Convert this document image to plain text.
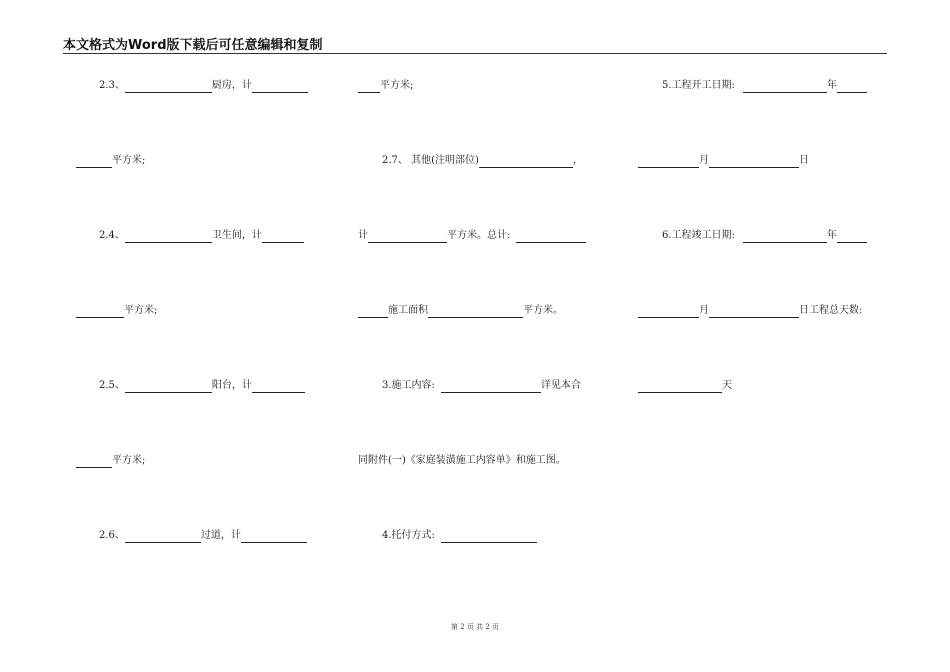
本文格式为Word版下载后可任意编辑和复制
2.3、	厨房，计
平方米;
2.4、	卫生间，计
平方米;
2.5、	阳台，计
平方米;
2.6、	过道，计
平方米;
2.7、 其他(注明部位)	，
计	平方米。总计:
施工面积	平方米。
3.施工内容:	详见本合
同附件(一)《家庭装潢施工内容单》和施工图。
4.托付方式:
5.工程开工日期:	年
月	日
6.工程竣工日期:	年
月	日工程总天数:
天
第 2 页 共 2 页
